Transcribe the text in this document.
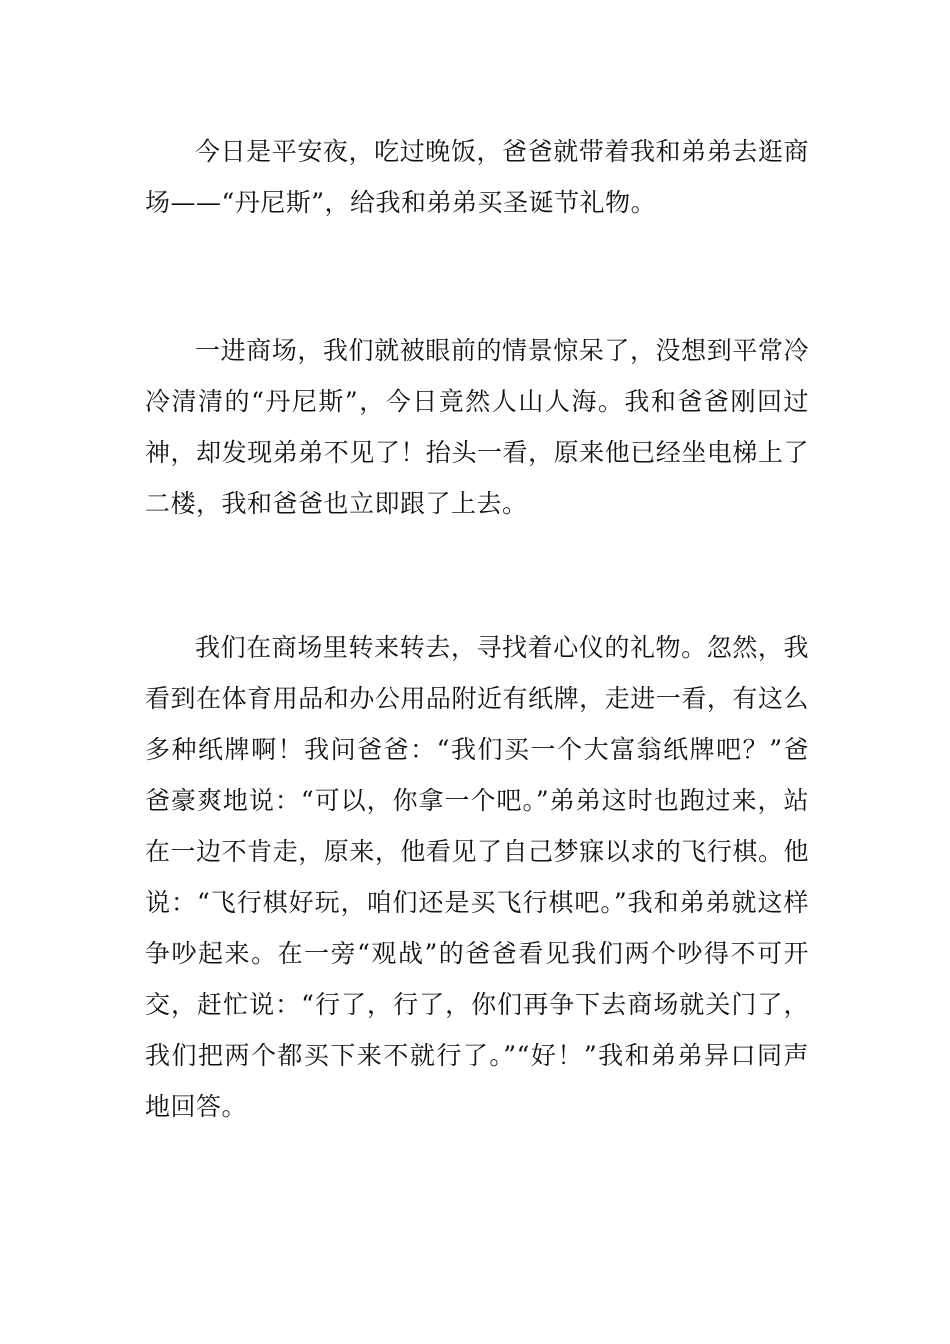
今日是平安夜，吃过晚饭，爸爸就带着我和弟弟去逛商场——“丹尼斯”，给我和弟弟买圣诞节礼物。

一进商场，我们就被眼前的情景惊呆了，没想到平常冷冷清清的“丹尼斯”，今日竟然人山人海。我和爸爸刚回过神，却发现弟弟不见了！抬头一看，原来他已经坐电梯上了二楼，我和爸爸也立即跟了上去。

我们在商场里转来转去，寻找着心仪的礼物。忽然，我看到在体育用品和办公用品附近有纸牌，走进一看，有这么多种纸牌啊！我问爸爸：“我们买一个大富翁纸牌吧？”爸爸豪爽地说：“可以，你拿一个吧。”弟弟这时也跑过来，站在一边不肯走，原来，他看见了自己梦寐以求的飞行棋。他说：“飞行棋好玩，咱们还是买飞行棋吧。”我和弟弟就这样争吵起来。在一旁“观战”的爸爸看见我们两个吵得不可开交，赶忙说：“行了，行了，你们再争下去商场就关门了，我们把两个都买下来不就行了。”“好！”我和弟弟异口同声地回答。
